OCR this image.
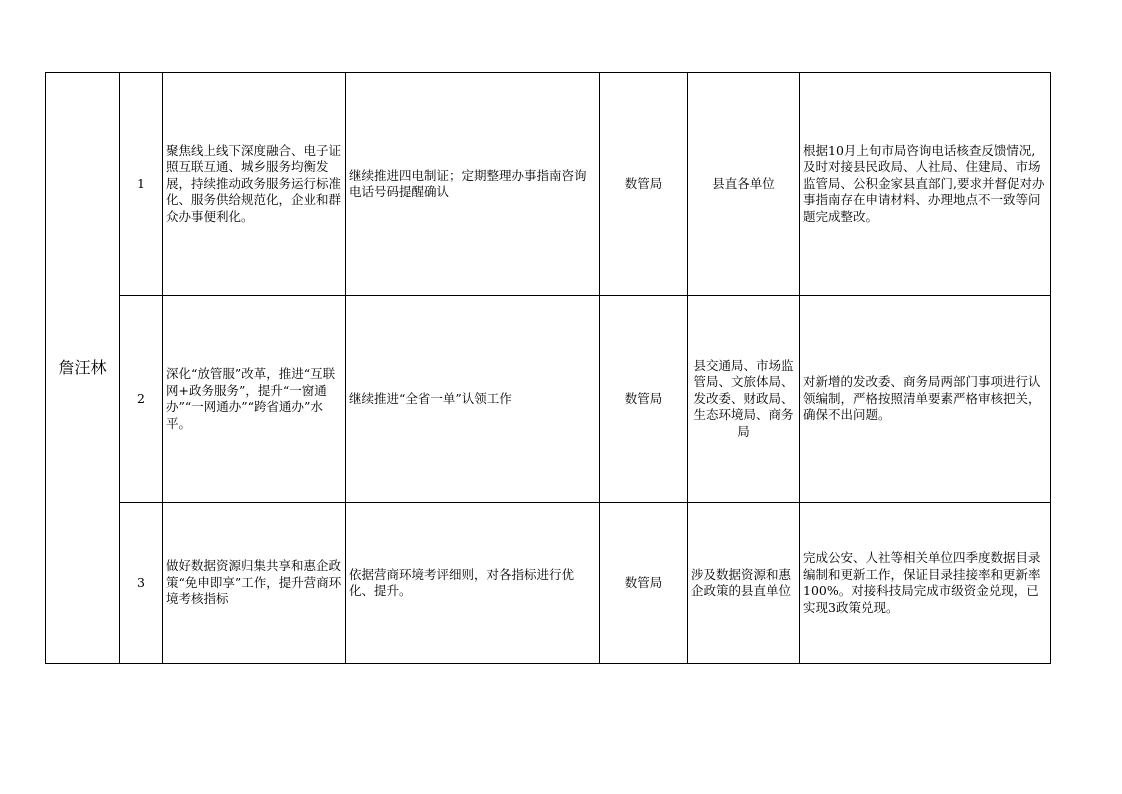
詹汪林	1	聚焦线上线下深度融合、电子证照互联互通、城乡服务均衡发展，持续推动政务服务运行标准化、服务供给规范化，企业和群众办事便利化。	继续推进四电制证；定期整理办事指南咨询电话号码提醒确认	数管局	县直各单位	根据10月上旬市局咨询电话核查反馈情况,及时对接县民政局、人社局、住建局、市场监管局、公积金家县直部门,要求并督促对办事指南存在申请材料、办理地点不一致等问题完成整改。
	2	深化“放管服”改革，推进“互联网+政务服务”，提升“一窗通办”“一网通办”“跨省通办”水平。	继续推进“全省一单”认领工作	数管局	县交通局、市场监管局、文旅体局、发改委、财政局、生态环境局、商务局	对新增的发改委、商务局两部门事项进行认领编制，严格按照清单要素严格审核把关，确保不出问题。
	3	做好数据资源归集共享和惠企政策“免申即享”工作，提升营商环境考核指标	依据营商环境考评细则，对各指标进行优化、提升。	数管局	涉及数据资源和惠企政策的县直单位	完成公安、人社等相关单位四季度数据目录编制和更新工作，保证目录挂接率和更新率100%。对接科技局完成市级资金兑现，已实现3政策兑现。
